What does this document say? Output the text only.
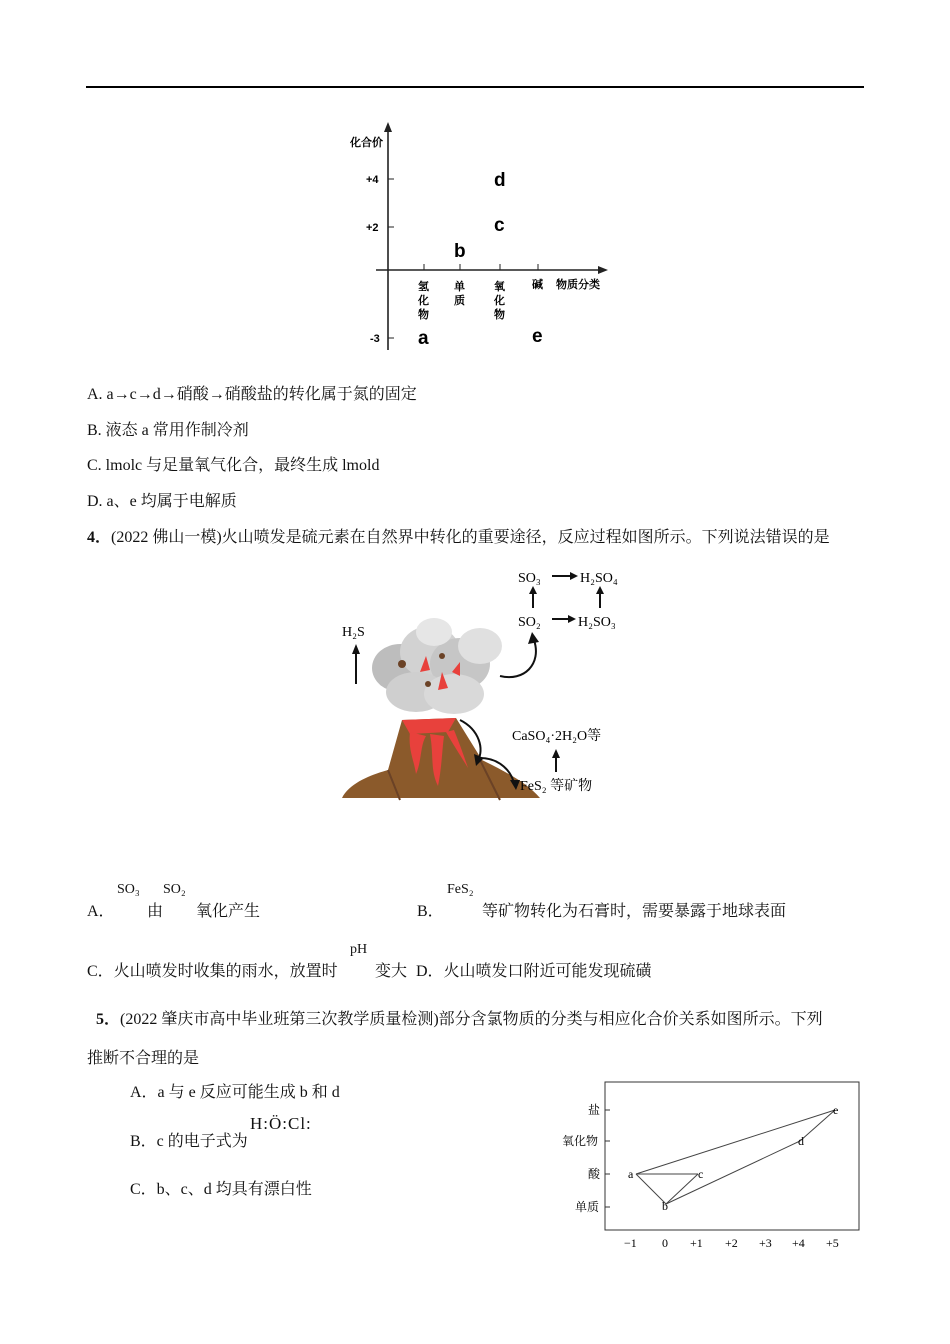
化合价
+4
+2
-3
d
c
b
a	e
氢 化 物
单 质
氧 化 物
碱 物质分类
A. a→c→d→硝酸→硝酸盐的转化属于氮的固定
B. 液态 a 常用作制冷剂
C. lmolc 与足量氧气化合，最终生成 lmold
D. a、e 均属于电解质
4．(2022 佛山一模)火山喷发是硫元素在自然界中转化的重要途径，反应过程如图所示。下列说法错误的是
SO₃	H₂SO₄
SO₂	H₂SO₃
H₂S
CaSO₄·2H₂O等
FeS₂ 等矿物
A．
SO₃
由
SO₂
氧化产生	B．
FeS₂
等矿物转化为石膏时，需要暴露于地球表面
C．火山喷发时收集的雨水，放置时
pH
变大 D．火山喷发口附近可能发现硫磺
5．(2022 肇庆市高中毕业班第三次教学质量检测)部分含氯物质的分类与相应化合价关系如图所示。下列
推断不合理的是
A．a 与 e 反应可能生成 b 和 d
B．c 的电子式为
H:Ö:Cl:
C．b、c、d 均具有漂白性
盐
氧化物
酸
单质
−1 0 +1 +2 +3 +4 +5
a
b
c
d
e
